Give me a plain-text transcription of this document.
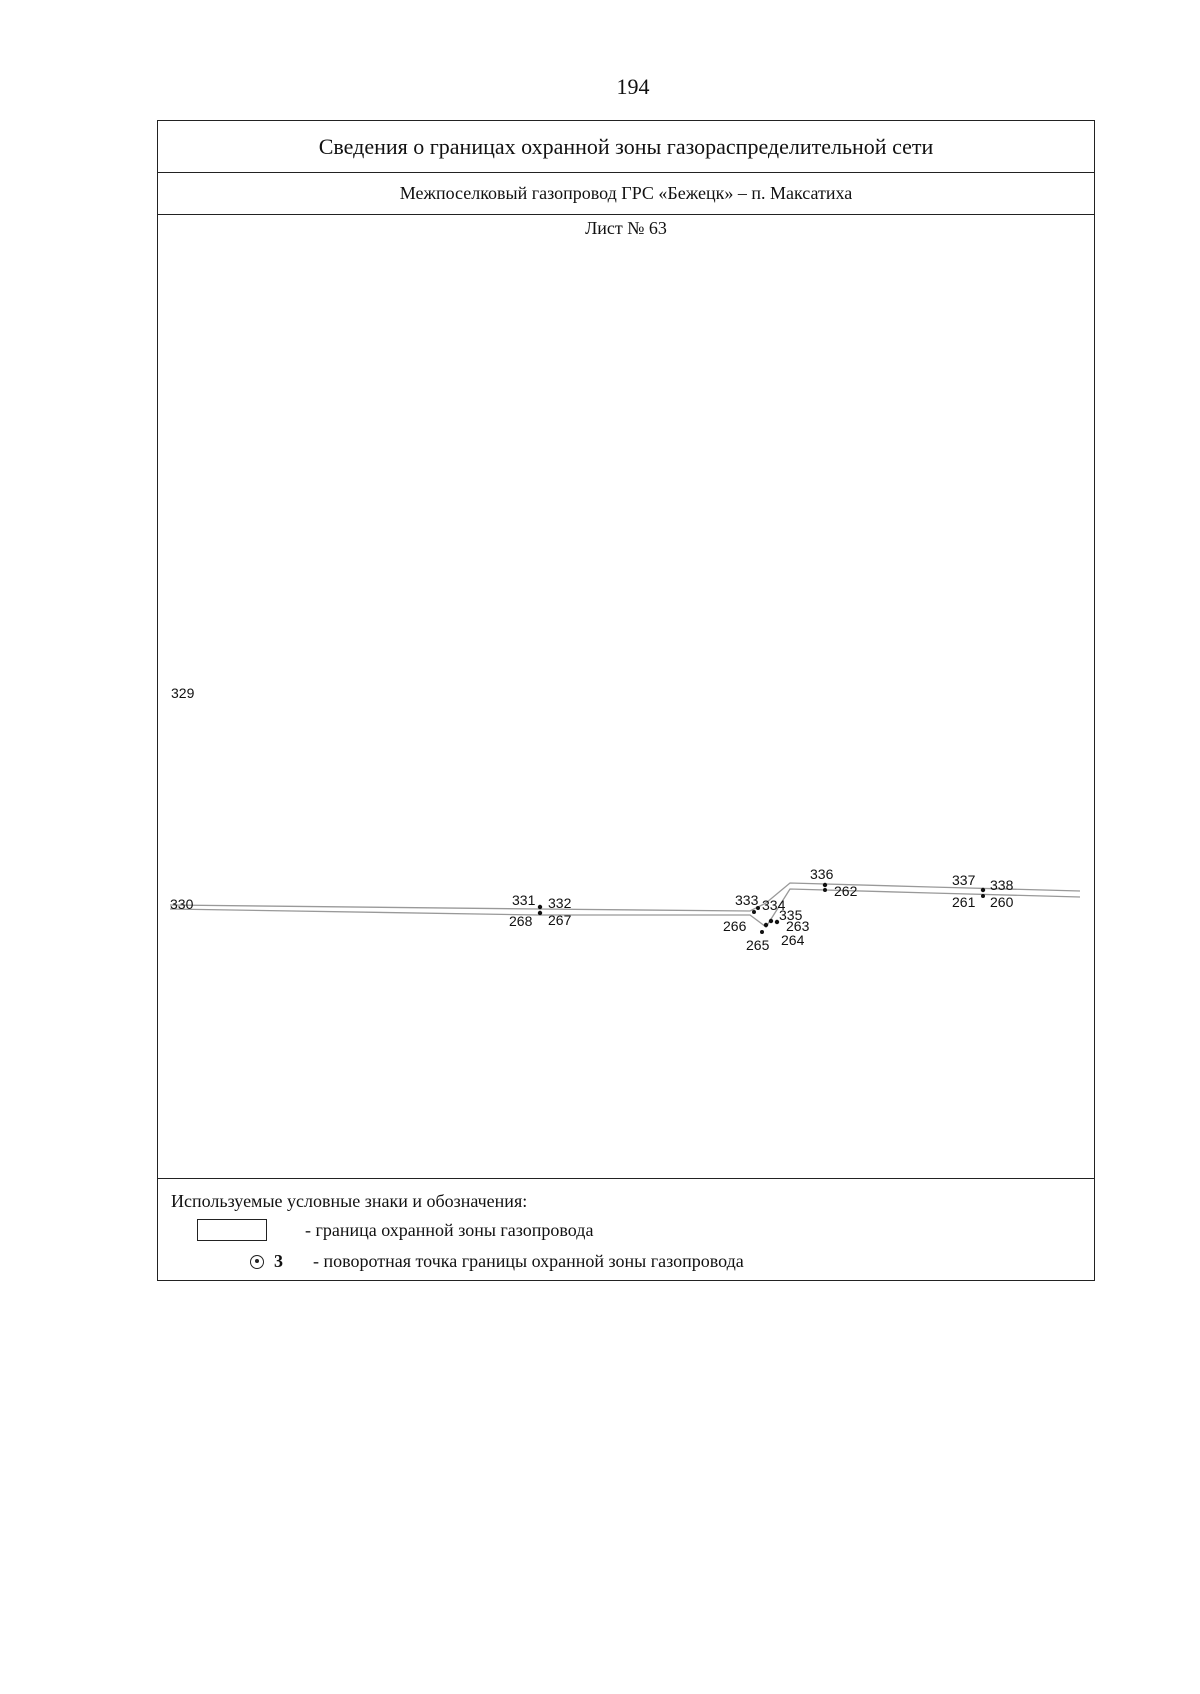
194
Сведения о границах охранной зоны газораспределительной сети
Межпоселковый газопровод ГРС «Бежецк» – п. Максатиха
329
330	331 332
268 267
333 334
335
266	263
265 264
336
262
337 338
261 260
Лист № 63
Используемые условные знаки и обозначения:
- граница охранной зоны газопровода
3 - поворотная точка границы охранной зоны газопровода
